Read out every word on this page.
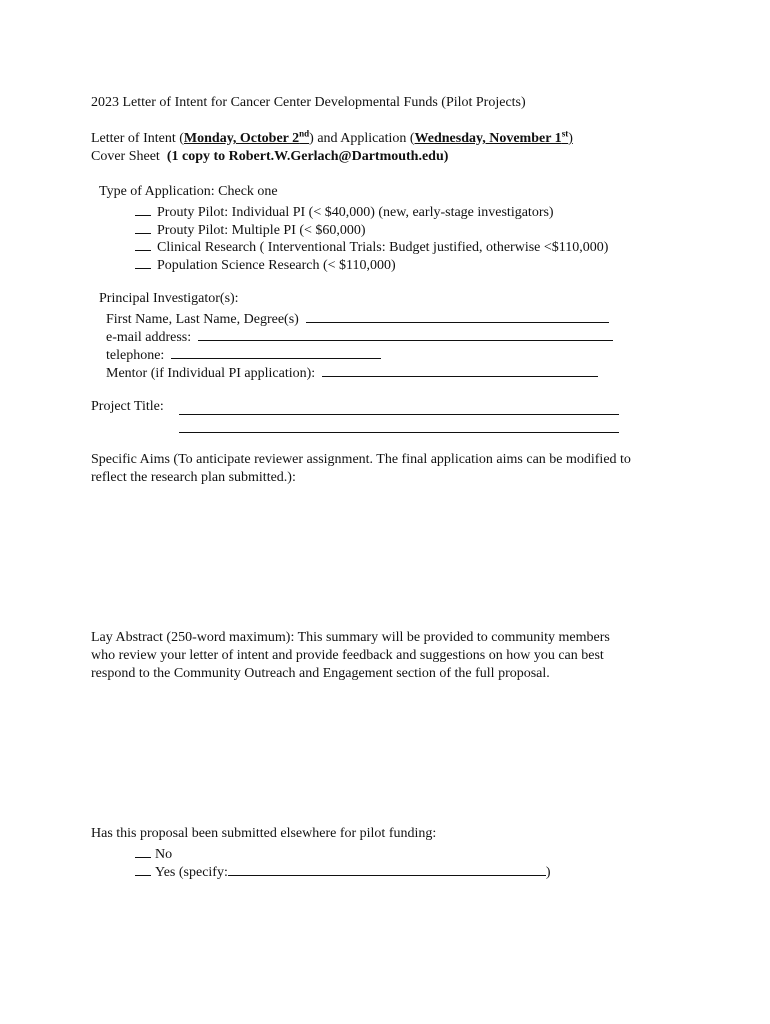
2023 Letter of Intent for Cancer Center Developmental Funds (Pilot Projects)
Letter of Intent (Monday, October 2nd) and Application (Wednesday, November 1st)
Cover Sheet (1 copy to Robert.W.Gerlach@Dartmouth.edu)
Type of Application: Check one
Prouty Pilot: Individual PI (< $40,000) (new, early-stage investigators)
Prouty Pilot: Multiple PI (< $60,000)
Clinical Research ( Interventional Trials: Budget justified, otherwise <$110,000)
Population Science Research (< $110,000)
Principal Investigator(s):
First Name, Last Name, Degree(s)
e-mail address:
telephone:
Mentor (if Individual PI application):
Project Title:
Specific Aims (To anticipate reviewer assignment. The final application aims can be modified to
reflect the research plan submitted.):
Lay Abstract (250-word maximum): This summary will be provided to community members
who review your letter of intent and provide feedback and suggestions on how you can best
respond to the Community Outreach and Engagement section of the full proposal.
Has this proposal been submitted elsewhere for pilot funding:
No
Yes (specify:	)
